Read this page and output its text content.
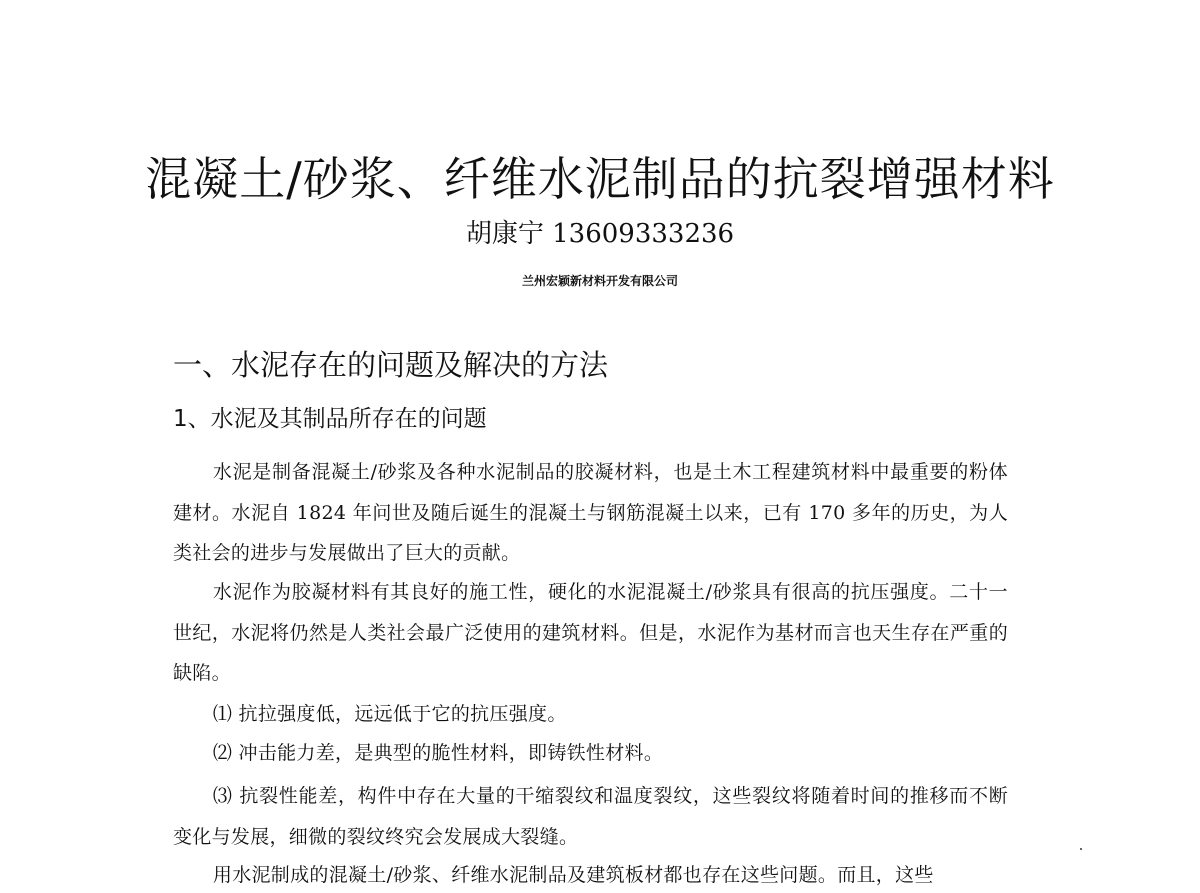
混凝土/砂浆、纤维水泥制品的抗裂增强材料
胡康宁 13609333236
兰州宏颖新材料开发有限公司
一、水泥存在的问题及解决的方法
1、水泥及其制品所存在的问题

水泥是制备混凝土/砂浆及各种水泥制品的胶凝材料，也是土木工程建筑材料中最重要的粉体建材。水泥自 1824 年问世及随后诞生的混凝土与钢筋混凝土以来，已有 170 多年的历史，为人类社会的进步与发展做出了巨大的贡献。

水泥作为胶凝材料有其良好的施工性，硬化的水泥混凝土/砂浆具有很高的抗压强度。二十一世纪，水泥将仍然是人类社会最广泛使用的建筑材料。但是，水泥作为基材而言也天生存在严重的缺陷。

⑴ 抗拉强度低，远远低于它的抗压强度。

⑵ 冲击能力差，是典型的脆性材料，即铸铁性材料。

⑶ 抗裂性能差，构件中存在大量的干缩裂纹和温度裂纹，这些裂纹将随着时间的推移而不断变化与发展，细微的裂纹终究会发展成大裂缝。

用水泥制成的混凝土/砂浆、纤维水泥制品及建筑板材都也存在这些问题。而且，这些
